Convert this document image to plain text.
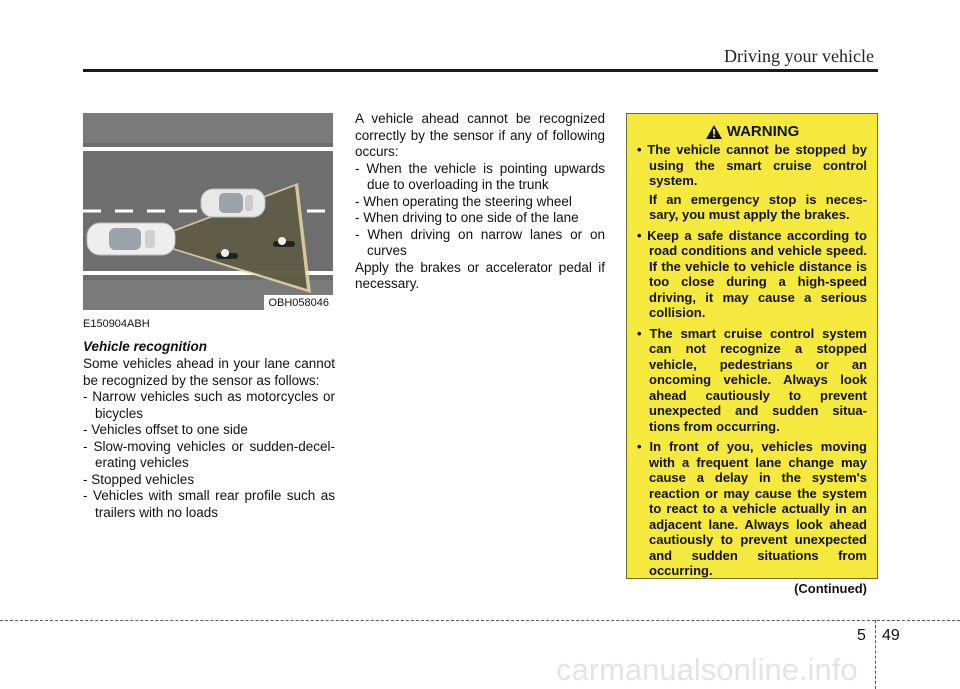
Driving your vehicle
OBH058046
E150904ABH
Vehicle recognition
Some vehicles ahead in your lane cannot be recognized by the sensor as follows:
- Narrow vehicles such as motorcycles or bicycles
- Vehicles offset to one side
- Slow-moving vehicles or sudden-decel-erating vehicles
- Stopped vehicles
- Vehicles with small rear profile such as trailers with no loads
A vehicle ahead cannot be recognized correctly by the sensor if any of following occurs:
- When the vehicle is pointing upwards due to overloading in the trunk
- When operating the steering wheel
- When driving to one side of the lane
- When driving on narrow lanes or on curves
Apply the brakes or accelerator pedal if necessary.
WARNING
• The vehicle cannot be stopped by using the smart cruise control system.
If an emergency stop is neces-sary, you must apply the brakes.
• Keep a safe distance according to road conditions and vehicle speed. If the vehicle to vehicle distance is too close during a high-speed driving, it may cause a serious collision.
• The smart cruise control system can not recognize a stopped vehicle, pedestrians or an oncoming vehicle. Always look ahead cautiously to prevent unexpected and sudden situa-tions from occurring.
• In front of you, vehicles moving with a frequent lane change may cause a delay in the system's reaction or may cause the system to react to a vehicle actually in an adjacent lane. Always look ahead cautiously to prevent unexpected and sudden situations from occurring.
(Continued)
5 49
carmanualsonline.info
